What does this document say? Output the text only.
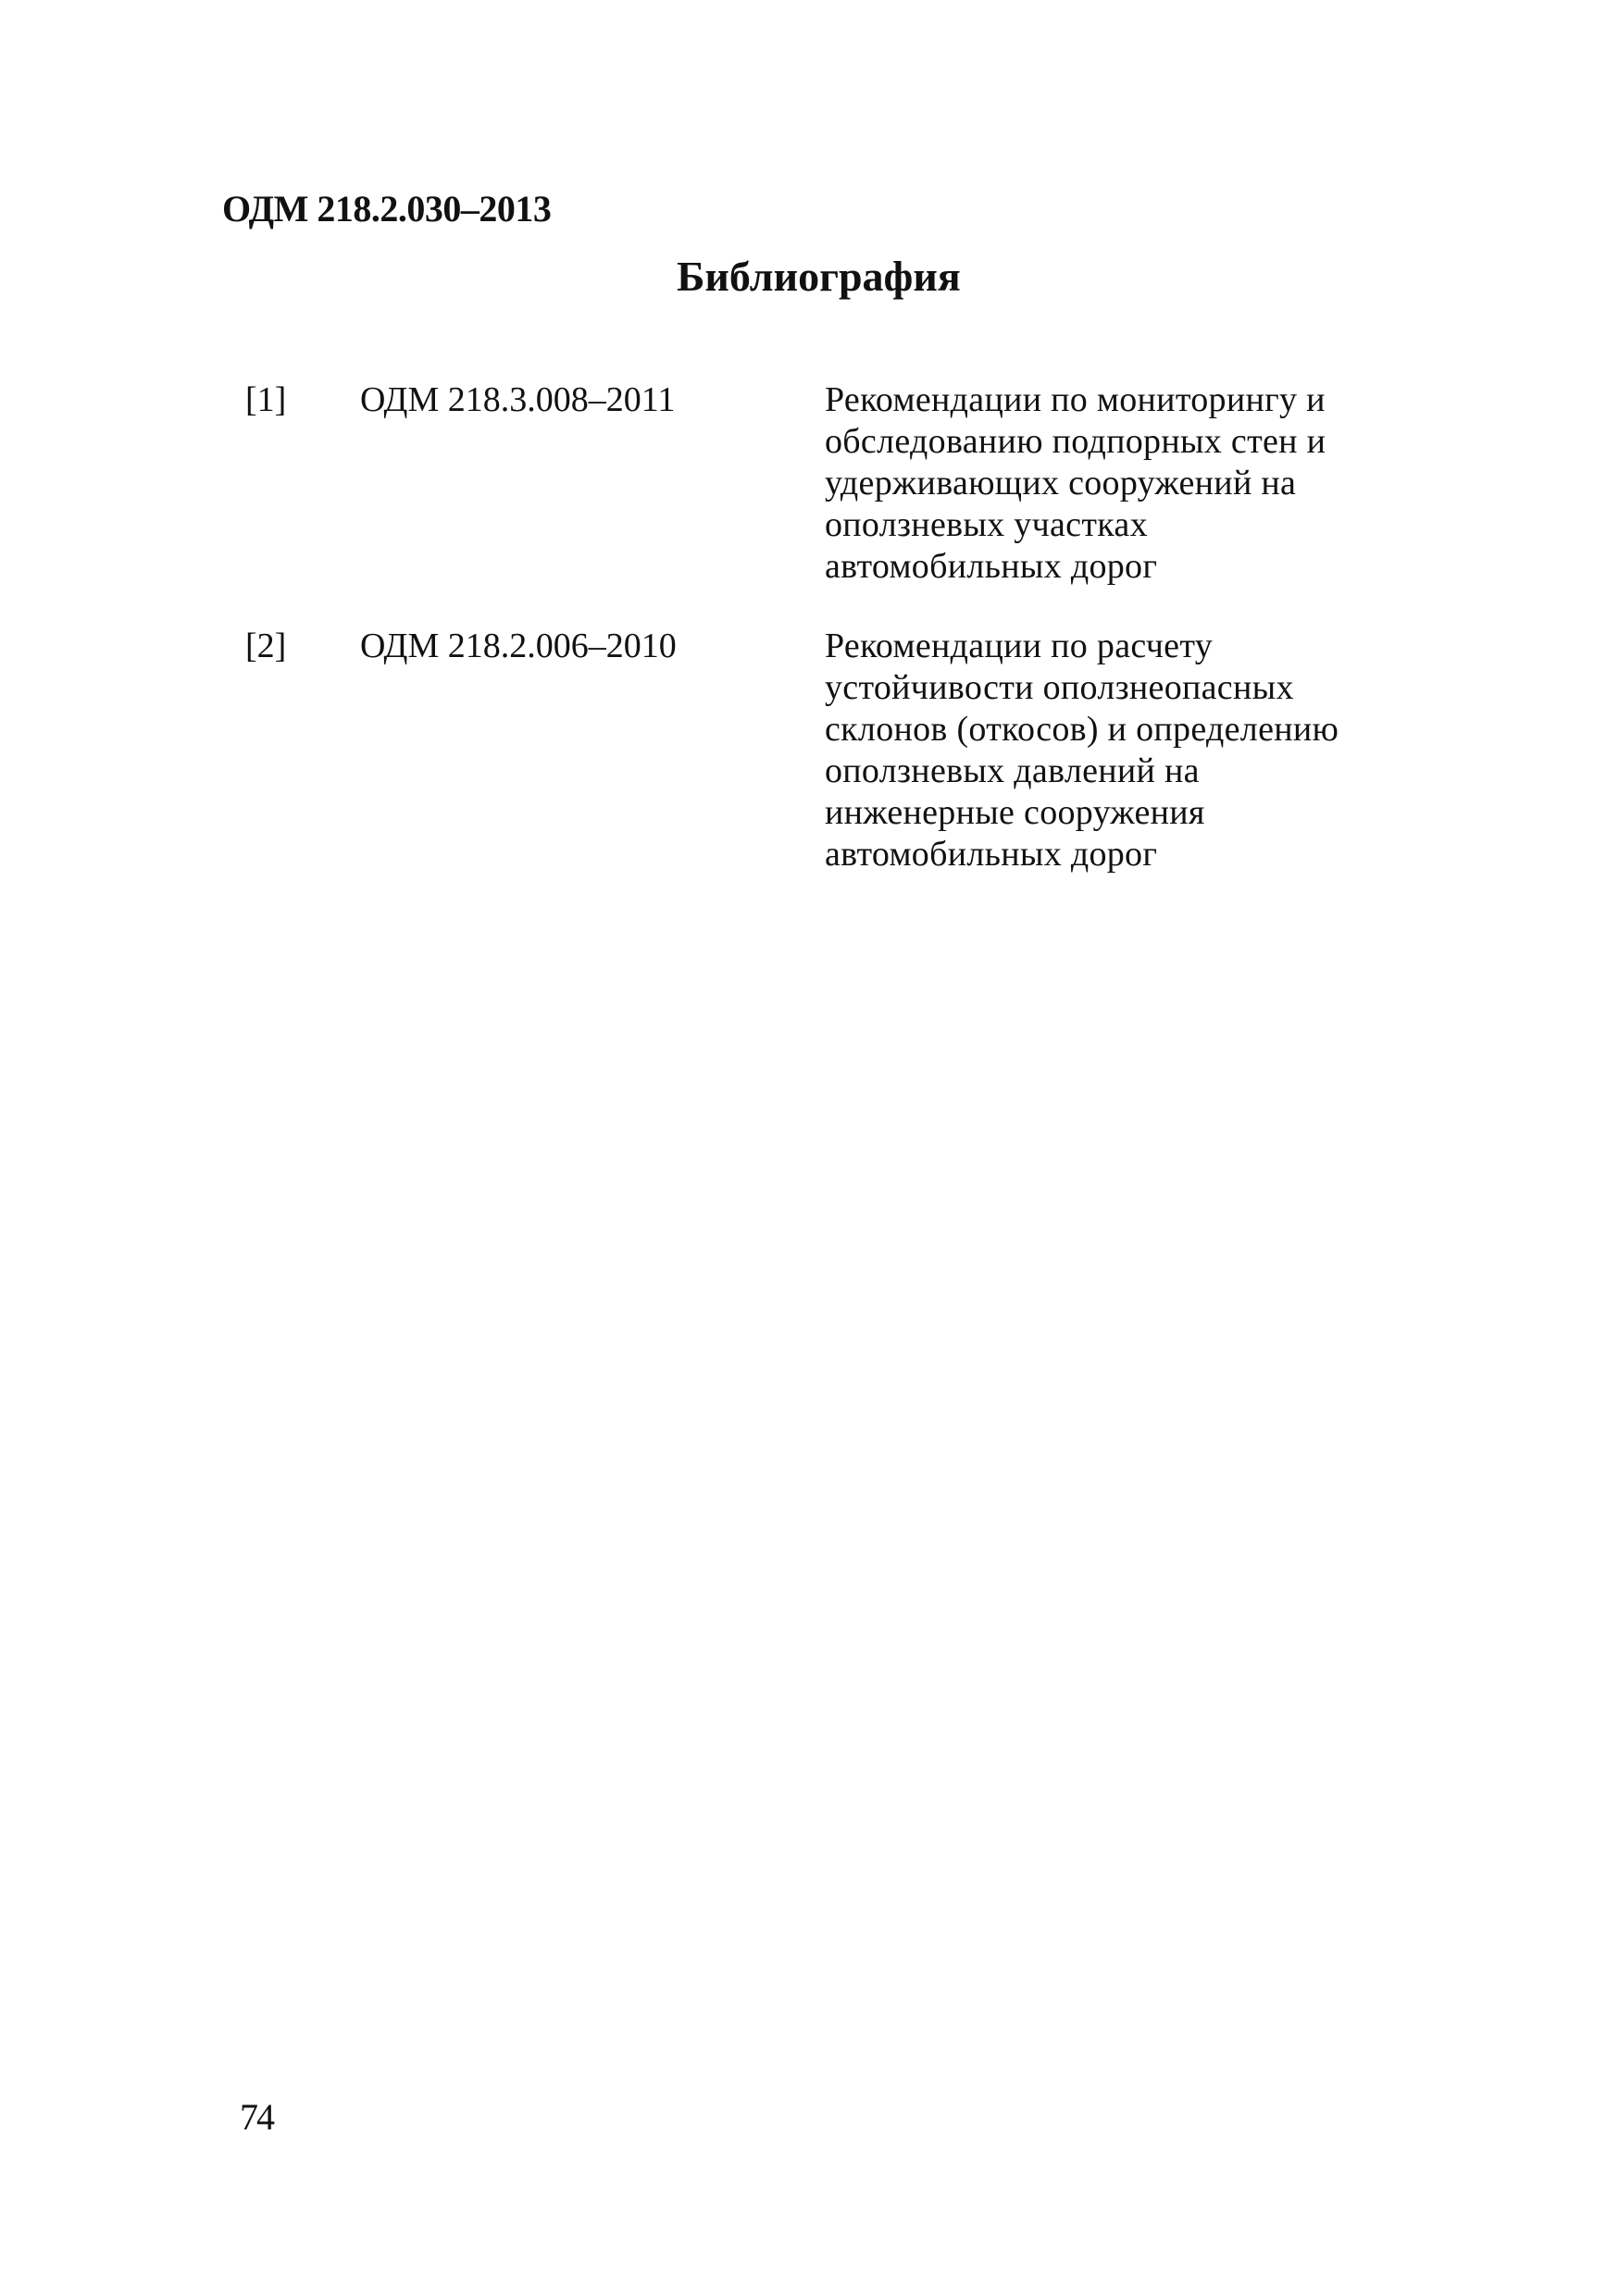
ОДМ 218.2.030–2013

Библиография
[1] ОДМ 218.3.008–2011	Рекомендации по мониторингу и
обследованию подпорных стен и
удерживающих сооружений на
оползневых участках
автомобильных дорог
[2] ОДМ 218.2.006–2010	Рекомендации по расчету
устойчивости оползнеопасных
склонов (откосов) и определению
оползневых давлений на
инженерные сооружения
автомобильных дорог

74
